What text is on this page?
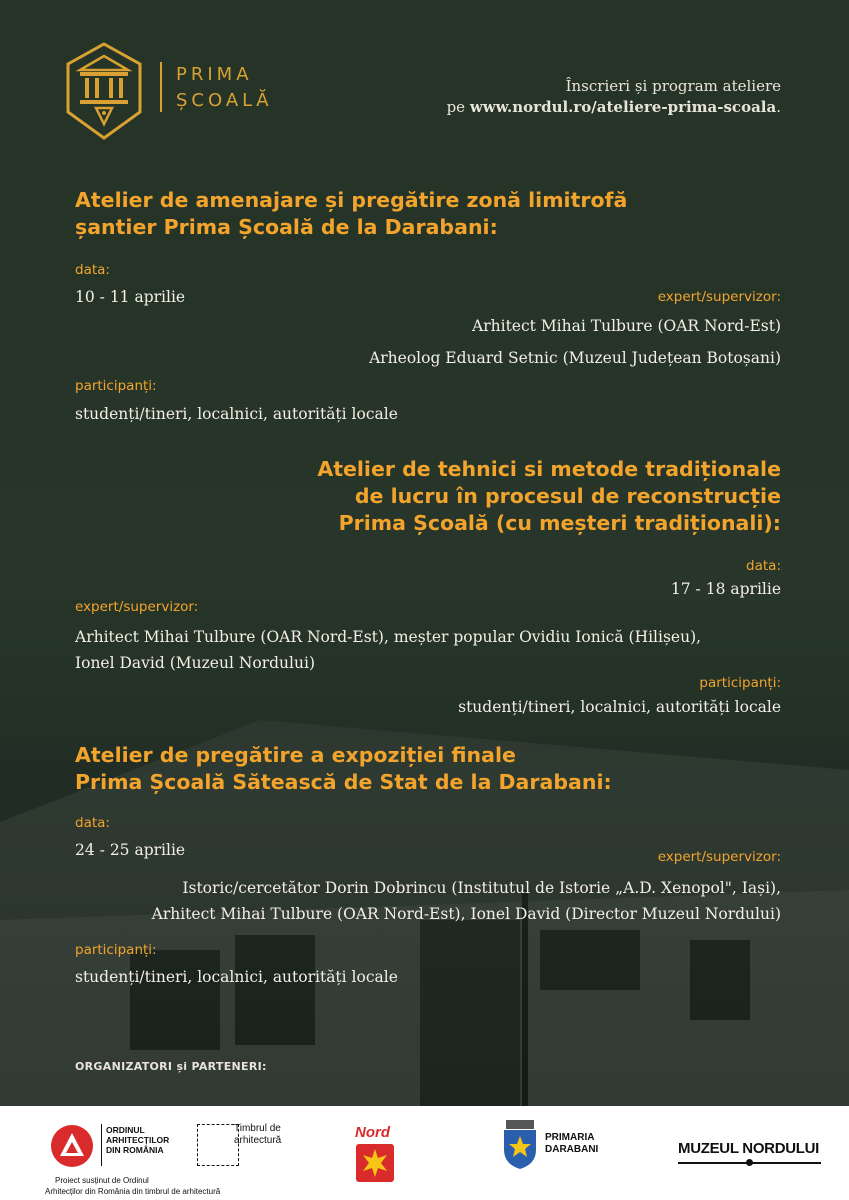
PRIMA
ȘCOALĂ
Înscrieri și program ateliere
pe www.nordul.ro/ateliere-prima-scoala.
Atelier de amenajare și pregătire zonă limitrofă
șantier Prima Școală de la Darabani:
data:
10 - 11 aprilie	expert/supervizor:
Arhitect Mihai Tulbure (OAR Nord-Est)
Arheolog Eduard Setnic (Muzeul Județean Botoșani)
participanți:
studenți/tineri, localnici, autorități locale
Atelier de tehnici si metode tradiționale
de lucru în procesul de reconstrucție
Prima Școală (cu meșteri tradiționali):
data:
17 - 18 aprilie
expert/supervizor:
Arhitect Mihai Tulbure (OAR Nord-Est), meșter popular Ovidiu Ionică (Hilișeu),
Ionel David (Muzeul Nordului)
participanți:
studenți/tineri, localnici, autorități locale
Atelier de pregătire a expoziției finale
Prima Școală Sătească de Stat de la Darabani:
data:
24 - 25 aprilie	expert/supervizor:
Istoric/cercetător Dorin Dobrincu (Institutul de Istorie „A.D. Xenopol", Iași),
Arhitect Mihai Tulbure (OAR Nord-Est), Ionel David (Director Muzeul Nordului)
participanți:
studenți/tineri, localnici, autorități locale
ORGANIZATORI și PARTENERI:
ORDINUL
ARHITECȚILOR
DIN ROMÂNIA
Proiect susținut de Ordinul
Arhitecților din România din timbrul de arhitectură
Timbrul de
arhitectură	Nord	PRIMARIA
DARABANI	MUZEUL NORDULUI
